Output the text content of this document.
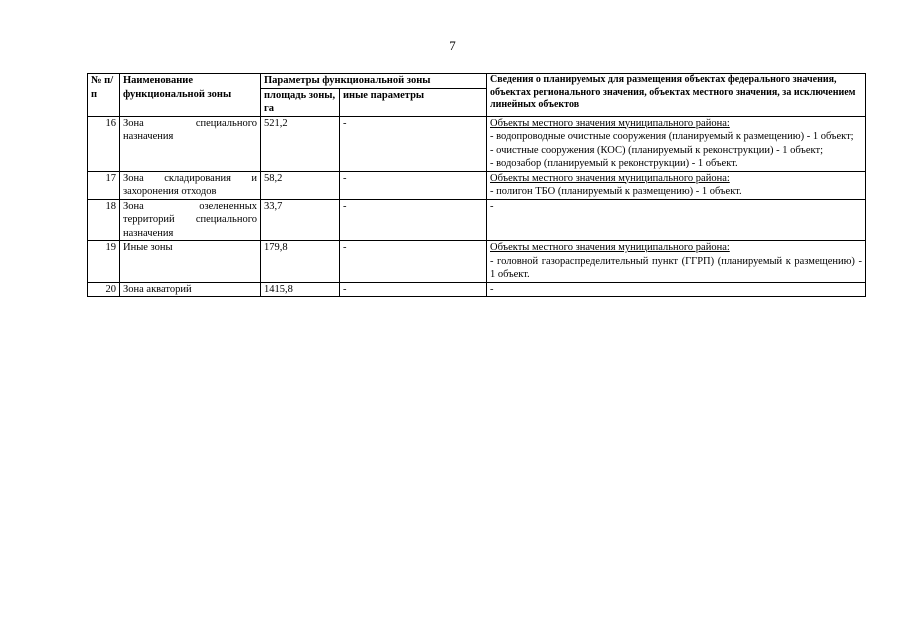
7
№ п/п	Наименование функциональной зоны	Параметры функциональной зоны		Сведения о планируемых для размещения объектах федерального значения, объектах регионального значения, объектах местного значения, за исключением линейных объектов
		площадь зоны, га	иные параметры	
16	Зона специального назначения	521,2	-	Объекты местного значения муниципального района:
- водопроводные очистные сооружения (планируемый к размещению) - 1 объект;
- очистные сооружения (КОС) (планируемый к реконструкции) - 1 объект;
- водозабор (планируемый к реконструкции) - 1 объект.

17	Зона складирования и захоронения отходов	58,2	-	Объекты местного значения муниципального района:
- полигон ТБО (планируемый к размещению) - 1 объект.

18	Зона озелененных территорий специального назначения	33,7	-	-

19	Иные зоны	179,8	-	Объекты местного значения муниципального района:
- головной газораспределительный пункт (ГГРП) (планируемый к размещению) - 1 объект.

20	Зона акваторий	1415,8	-	-
